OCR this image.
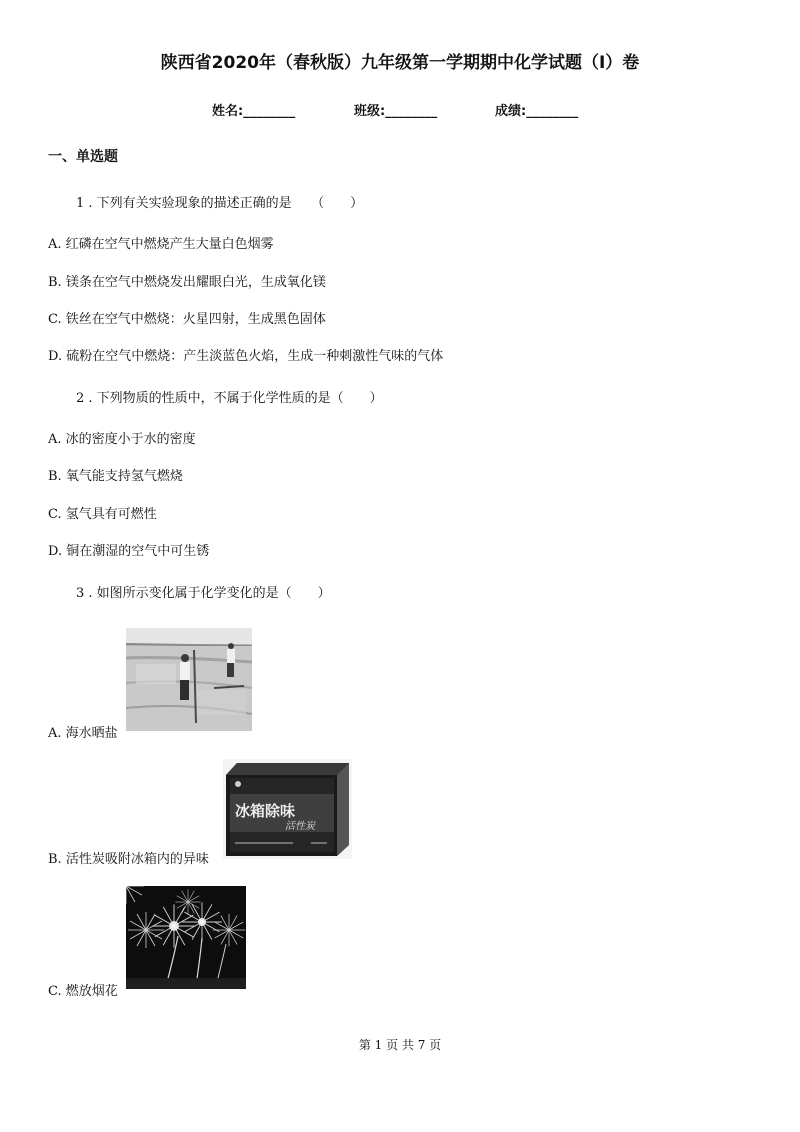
陕西省2020年（春秋版）九年级第一学期期中化学试题（I）卷
姓名:________	班级:________	成绩:________
一、单选题
1 . 下列有关实验现象的描述正确的是　　（　　）
A. 红磷在空气中燃烧产生大量白色烟雾
B. 镁条在空气中燃烧发出耀眼白光，生成氧化镁
C. 铁丝在空气中燃烧：火星四射，生成黑色固体
D. 硫粉在空气中燃烧：产生淡蓝色火焰，生成一种刺激性气味的气体
2 . 下列物质的性质中，不属于化学性质的是（　　）
A. 冰的密度小于水的密度
B. 氧气能支持氢气燃烧
C. 氢气具有可燃性
D. 铜在潮湿的空气中可生锈
3 . 如图所示变化属于化学变化的是（　　）
A. 海水晒盐
冰箱除味
活性炭
B. 活性炭吸附冰箱内的异味
C. 燃放烟花
第 1 页 共 7 页
